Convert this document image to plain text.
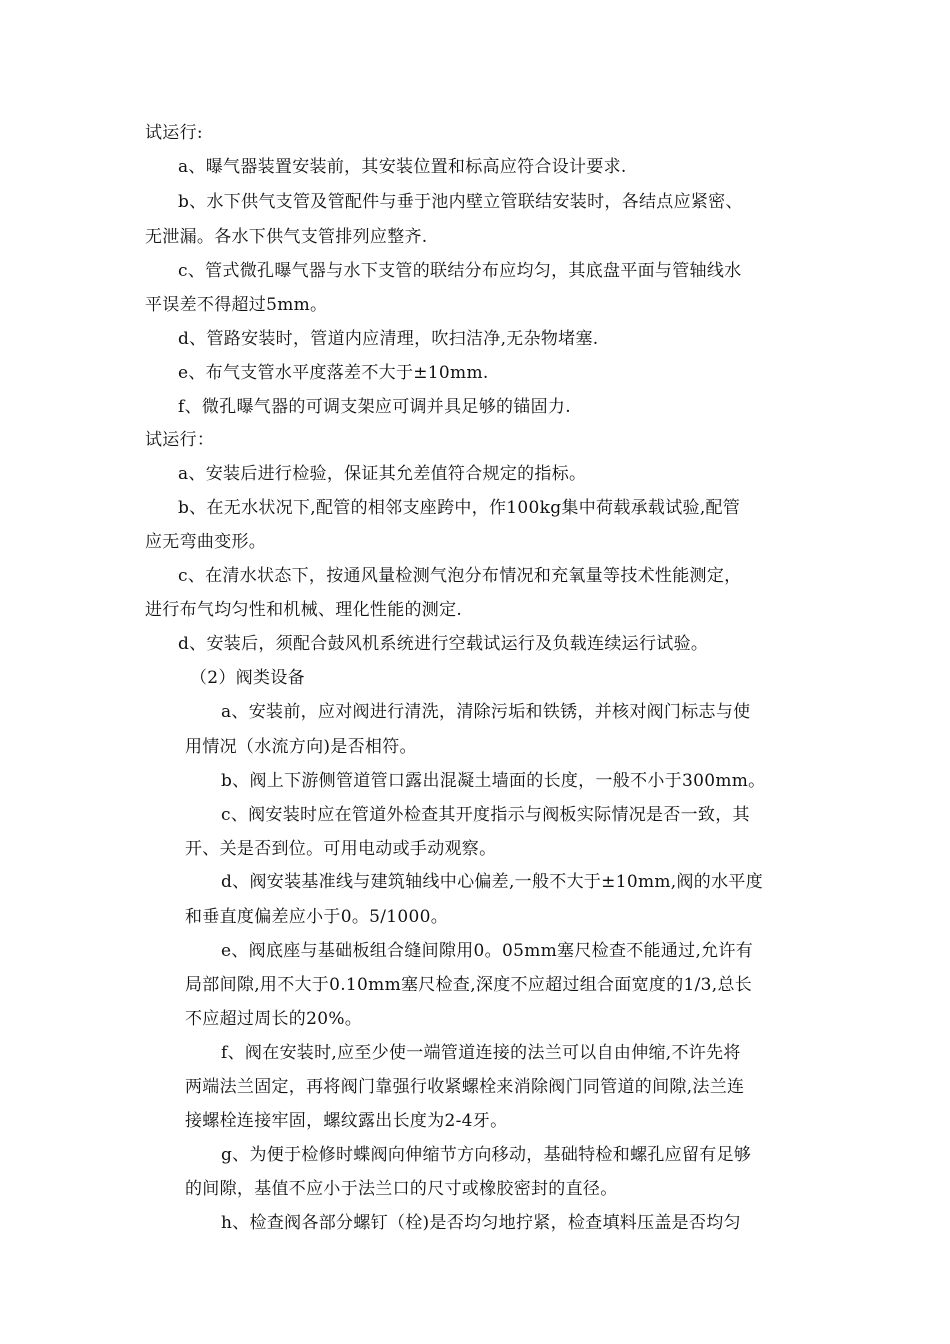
试运行:
a、曝气器装置安装前，其安装位置和标高应符合设计要求.
b、水下供气支管及管配件与垂于池内壁立管联结安装时，各结点应紧密、
无泄漏。各水下供气支管排列应整齐.
c、管式微孔曝气器与水下支管的联结分布应均匀，其底盘平面与管轴线水
平误差不得超过5mm。
d、管路安装时，管道内应清理，吹扫洁净,无杂物堵塞.
e、布气支管水平度落差不大于±10mm.
f、微孔曝气器的可调支架应可调并具足够的锚固力.
试运行：
a、安装后进行检验，保证其允差值符合规定的指标。
b、在无水状况下,配管的相邻支座跨中，作100kg集中荷载承载试验,配管
应无弯曲变形。
c、在清水状态下，按通风量检测气泡分布情况和充氧量等技术性能测定，
进行布气均匀性和机械、理化性能的测定.
d、安装后，须配合鼓风机系统进行空载试运行及负载连续运行试验。
（2）阀类设备
a、安装前，应对阀进行清洗，清除污垢和铁锈，并核对阀门标志与使
用情况（水流方向)是否相符。
b、阀上下游侧管道管口露出混凝土墙面的长度，一般不小于300mm。
c、阀安装时应在管道外检查其开度指示与阀板实际情况是否一致，其
开、关是否到位。可用电动或手动观察。
d、阀安装基准线与建筑轴线中心偏差,一般不大于±10mm,阀的水平度
和垂直度偏差应小于0。5/1000。
e、阀底座与基础板组合缝间隙用0。05mm塞尺检查不能通过,允许有
局部间隙,用不大于0.10mm塞尺检查,深度不应超过组合面宽度的1/3,总长
不应超过周长的20%。
f、阀在安装时,应至少使一端管道连接的法兰可以自由伸缩,不许先将
两端法兰固定，再将阀门靠强行收紧螺栓来消除阀门同管道的间隙,法兰连
接螺栓连接牢固，螺纹露出长度为2-4牙。
g、为便于检修时蝶阀向伸缩节方向移动，基础特检和螺孔应留有足够
的间隙，基值不应小于法兰口的尺寸或橡胶密封的直径。
h、检查阀各部分螺钉（栓)是否均匀地拧紧，检查填料压盖是否均匀
